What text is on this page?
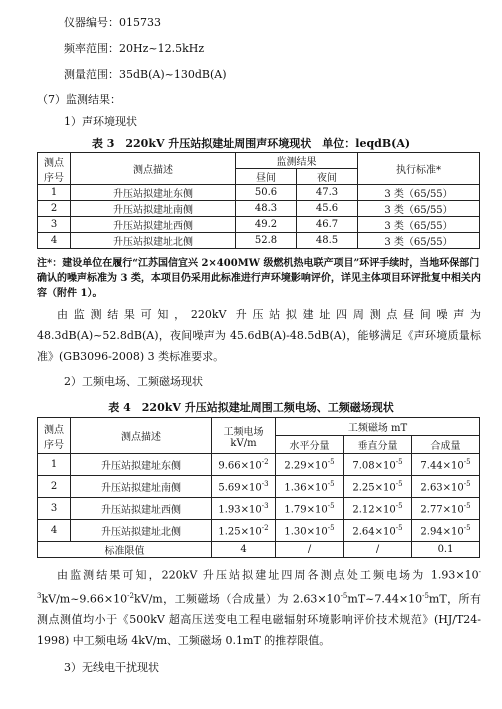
仪器编号：015733
频率范围：20Hz~12.5kHz
测量范围：35dB(A)~130dB(A)
（7）监测结果：
1）声环境现状
表 3　220kV 升压站拟建址周围声环境现状　单位：leqdB(A)
测点序号	测点描述	监测结果		执行标准*
		昼间	夜间	
1	升压站拟建址东侧	50.6	47.3	3 类（65/55）
2	升压站拟建址南侧	48.3	45.6	3 类（65/55）
3	升压站拟建址西侧	49.2	46.7	3 类（65/55）
4	升压站拟建址北侧	52.8	48.5	3 类（65/55）
注*：建设单位在履行“江苏国信宜兴 2×400MW 级燃机热电联产项目”环评手续时，当地环保部门确认的噪声标准为 3 类，本项目仍采用此标准进行声环境影响评价，详见主体项目环评批复中相关内容（附件 1）。
由监测结果可知，220kV 升压站拟建址四周测点昼间噪声为 48.3dB(A)~52.8dB(A)，夜间噪声为 45.6dB(A)-48.5dB(A)，能够满足《声环境质量标准》(GB3096-2008) 3 类标准要求。
2）工频电场、工频磁场现状
表 4　220kV 升压站拟建址周围工频电场、工频磁场现状
测点序号	测点描述	工频电场 kV/m	工频磁场 mT		
			水平分量	垂直分量	合成量
1	升压站拟建址东侧	$9.66\times 10^{-2}$	$2.29\times 10^{-5}$	$7.08\times 10^{-5}$	$7.44\times 10^{-5}$
2	升压站拟建址南侧	$5.69\times 10^{-3}$	$1.36\times 10^{-5}$	$2.25\times 10^{-5}$	$2.63\times 10^{-5}$
3	升压站拟建址西侧	$1.93\times 10^{-3}$	$1.79\times 10^{-5}$	$2.12\times 10^{-5}$	$2.77\times 10^{-5}$
4	升压站拟建址北侧	$1.25\times 10^{-2}$	$1.30\times 10^{-5}$	$2.64\times 10^{-5}$	$2.94\times 10^{-5}$
标准限值		4	/	/	0.1
由监测结果可知，220kV 升压站拟建址四周各测点处工频电场为 $1.93\times 10^{-3}kV/m\sim 9.66\times 10^{-2}kV/m$，工频磁场（合成量）为 $2.63\times 10^{-5}mT\sim 7.44\times 10^{-5}mT$，所有测点测值均小于《500kV 超高压送变电工程电磁辐射环境影响评价技术规范》(HJ/T24-1998) 中工频电场 4kV/m、工频磁场 0.1mT 的推荐限值。
3）无线电干扰现状
